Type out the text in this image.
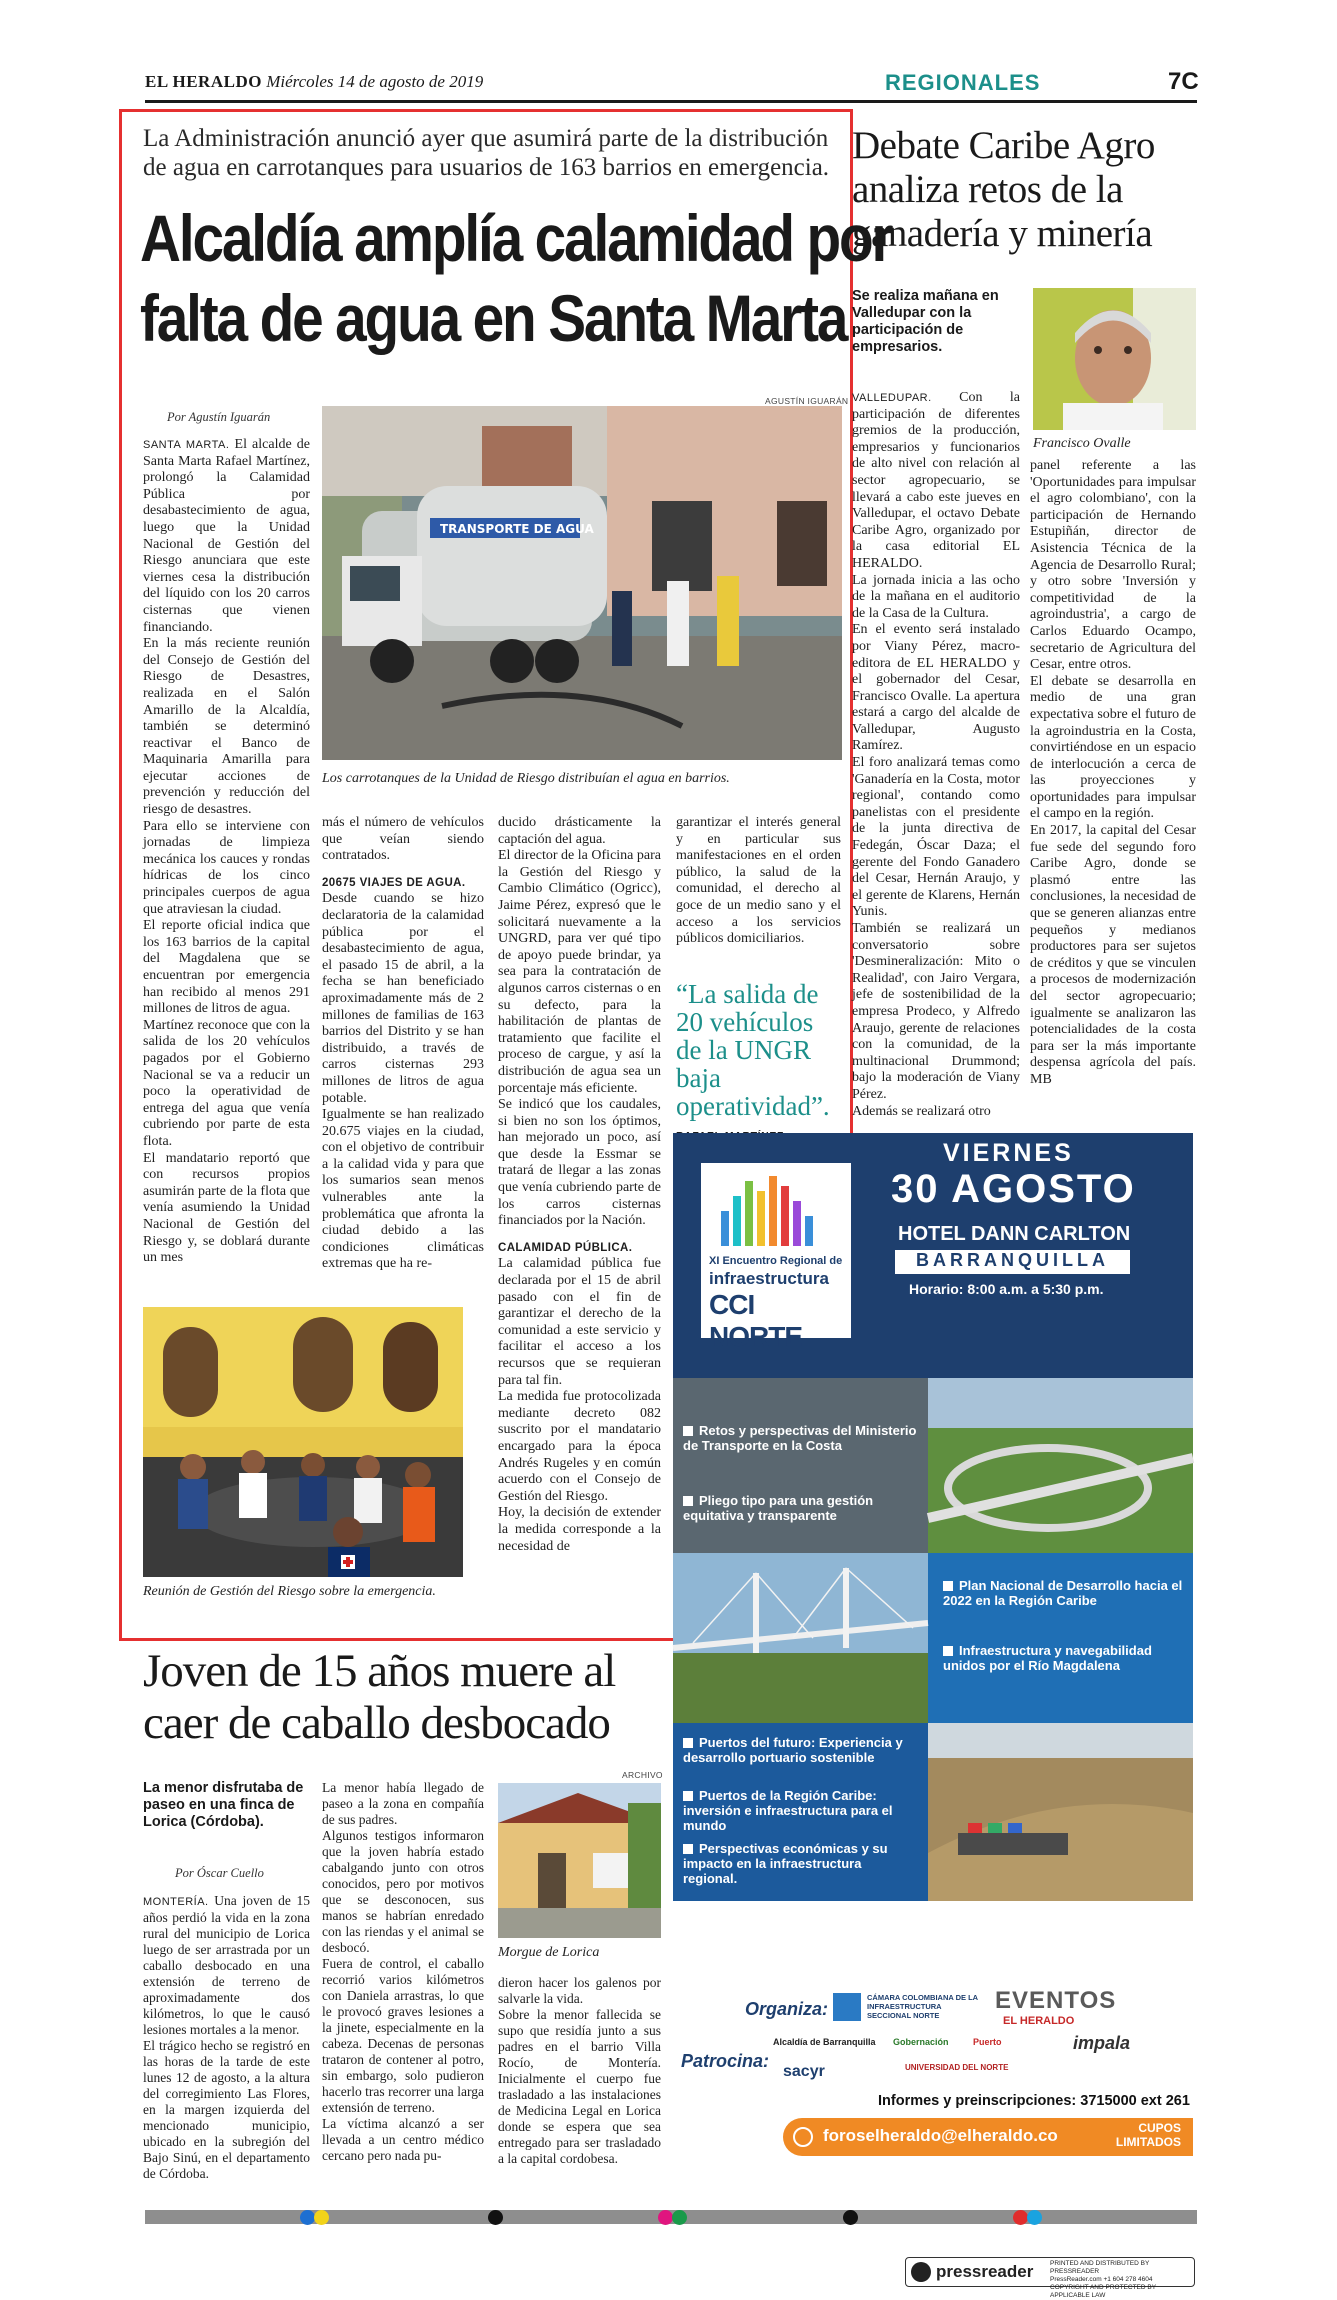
EL HERALDO Miércoles 14 de agosto de 2019	REGIONALES	7C
La Administración anunció ayer que asumirá parte de la distribución de agua en carrotanques para usuarios de 163 barrios en emergencia.
Alcaldía amplía calamidad por
falta de agua en Santa Marta
Por Agustín Iguarán
AGUSTÍN IGUARÁN
TRANSPORTE DE AGUA
Los carrotanques de la Unidad de Riesgo distribuían el agua en barrios.

SANTA MARTA. El alcalde de Santa Marta Rafael Martínez, prolongó la Calamidad Pública por desabastecimiento de agua, luego que la Unidad Nacional de Gestión del Riesgo anunciara que este viernes cesa la distribución del líquido con los 20 carros cisternas que vienen financiando.

En la más reciente reunión del Consejo de Gestión del Riesgo de Desastres, realizada en el Salón Amarillo de la Alcaldía, también se determinó reactivar el Banco de Maquinaria Amarilla para ejecutar acciones de prevención y reducción del riesgo de desastres.

Para ello se interviene con jornadas de limpieza mecánica los cauces y rondas hídricas de los cinco principales cuerpos de agua que atraviesan la ciudad.

El reporte oficial indica que los 163 barrios de la capital del Magdalena que se encuentran por emergencia han recibido al menos 291 millones de litros de agua.

Martínez reconoce que con la salida de los 20 vehículos pagados por el Gobierno Nacional se va a reducir un poco la operatividad de entrega del agua que venía cubriendo por parte de esta flota.

El mandatario reportó que con recursos propios asumirán parte de la flota que venía asumiendo la Unidad Nacional de Gestión del Riesgo y, se doblará durante un mes

más el número de vehículos que veían siendo contratados.

20675 VIAJES DE AGUA.

Desde cuando se hizo declaratoria de la calamidad pública por el desabastecimiento de agua, el pasado 15 de abril, a la fecha se han beneficiado aproximadamente más de 2 millones de familias de 163 barrios del Distrito y se han distribuido, a través de carros cisternas 293 millones de litros de agua potable.

Igualmente se han realizado 20.675 viajes en la ciudad, con el objetivo de contribuir a la calidad vida y para que los sumarios sean menos vulnerables ante la problemática que afronta la ciudad debido a las condiciones climáticas extremas que ha re-

ducido drásticamente la captación del agua.

El director de la Oficina para la Gestión del Riesgo y Cambio Climático (Ogricc), Jaime Pérez, expresó que le solicitará nuevamente a la UNGRD, para ver qué tipo de apoyo puede brindar, ya sea para la contratación de algunos carros cisternas o en su defecto, para la habilitación de plantas de tratamiento que facilite el proceso de cargue, y así la distribución de agua sea un porcentaje más eficiente.

Se indicó que los caudales, si bien no son los óptimos, han mejorado un poco, así que desde la Essmar se tratará de llegar a las zonas que venía cubriendo parte de los carros cisternas financiados por la Nación.

CALAMIDAD PÚBLICA.

La calamidad pública fue declarada por el 15 de abril pasado con el fin de garantizar el derecho de la comunidad a este servicio y facilitar el acceso a los recursos que se requieran para tal fin.

La medida fue protocolizada mediante decreto 082 suscrito por el mandatario encargado para la época Andrés Rugeles y en común acuerdo con el Consejo de Gestión del Riesgo.

Hoy, la decisión de extender la medida corresponde a la necesidad de

garantizar el interés general y en particular sus manifestaciones en el orden público, la salud de la comunidad, el derecho al goce de un medio sano y el acceso a los servicios públicos domiciliarios.

“La salida de 20 vehículos de la UNGR baja operatividad”.
Reunión de Gestión del Riesgo sobre la emergencia.
Debate Caribe Agro analiza retos de la ganadería y minería
Se realiza mañana en Valledupar con la participación de empresarios.
Francisco Ovalle

VALLEDUPAR. Con la participación de diferentes gremios de la producción, empresarios y funcionarios de alto nivel con relación al sector agropecuario, se llevará a cabo este jueves en Valledupar, el octavo Debate Caribe Agro, organizado por la casa editorial EL HERALDO.

La jornada inicia a las ocho de la mañana en el auditorio de la Casa de la Cultura.

En el evento será instalado por Viany Pérez, macro-editora de EL HERALDO y el gobernador del Cesar, Francisco Ovalle. La apertura estará a cargo del alcalde de Valledupar, Augusto Ramírez.

El foro analizará temas como 'Ganadería en la Costa, motor regional', contando como panelistas con el presidente de la junta directiva de Fedegán, Óscar Daza; el gerente del Fondo Ganadero del Cesar, Hernán Araujo, y el gerente de Klarens, Hernán Yunis.

También se realizará un conversatorio sobre 'Desmineralización: Mito o Realidad', con Jairo Vergara, jefe de sostenibilidad de la empresa Prodeco, y Alfredo Araujo, gerente de relaciones con la comunidad, de la multinacional Drummond; bajo la moderación de Viany Pérez.

Además se realizará otro

panel referente a las 'Oportunidades para impulsar el agro colombiano', con la participación de Hernando Estupiñán, director de Asistencia Técnica de la Agencia de Desarrollo Rural; y otro sobre 'Inversión y competitividad de la agroindustria', a cargo de Carlos Eduardo Ocampo, secretario de Agricultura del Cesar, entre otros.

El debate se desarrolla en medio de una gran expectativa sobre el futuro de la agroindustria en la Costa, convirtiéndose en un espacio de interlocución a cerca de las proyecciones y oportunidades para impulsar el campo en la región.

En 2017, la capital del Cesar fue sede del segundo foro Caribe Agro, donde se plasmó entre las conclusiones, la necesidad de que se generen alianzas entre pequeños y medianos productores para ser sujetos de créditos y que se vinculen a procesos de modernización del sector agropecuario; igualmente se analizaron las potencialidades de la costa para ser la más importante despensa agrícola del país. MB

Joven de 15 años muere al caer de caballo desbocado
La menor disfrutaba de paseo en una finca de Lorica (Córdoba).
Por Óscar Cuello
ARCHIVO

MONTERÍA. Una joven de 15 años perdió la vida en la zona rural del municipio de Lorica luego de ser arrastrada por un caballo desbocado en una extensión de terreno de aproximadamente dos kilómetros, lo que le causó lesiones mortales a la menor.

El trágico hecho se registró en las horas de la tarde de este lunes 12 de agosto, a la altura del corregimiento Las Flores, en la margen izquierda del mencionado municipio, ubicado en la subregión del Bajo Sinú, en el departamento de Córdoba.

La menor había llegado de paseo a la zona en compañía de sus padres.

Algunos testigos informaron que la joven habría estado cabalgando junto con otros conocidos, pero por motivos que se desconocen, sus manos se habrían enredado con las riendas y el animal se desbocó.

Fuera de control, el caballo recorrió varios kilómetros con Daniela arrastras, lo que le provocó graves lesiones a la jinete, especialmente en la cabeza. Decenas de personas trataron de contener al potro, sin embargo, solo pudieron hacerlo tras recorrer una larga extensión de terreno.

La víctima alcanzó a ser llevada a un centro médico cercano pero nada pu-

Morgue de Lorica

dieron hacer los galenos por salvarle la vida.

Sobre la menor fallecida se supo que residía junto a sus padres en el barrio Villa Rocío, de Montería. Inicialmente el cuerpo fue trasladado a las instalaciones de Medicina Legal en Lorica donde se espera que sea entregado para ser trasladado a la capital cordobesa.

XI Encuentro Regional de
infraestructura
CCI NORTE
VIERNES
30 AGOSTO
HOTEL DANN CARLTON
BARRANQUILLA
Horario: 8:00 a.m. a 5:30 p.m.
Retos y perspectivas del Ministerio de Transporte en la Costa
Pliego tipo para una gestión equitativa y transparente
Plan Nacional de Desarrollo hacia el 2022 en la Región Caribe
Infraestructura y navegabilidad unidos por el Río Magdalena
Puertos del futuro: Experiencia y desarrollo portuario sostenible
Puertos de la Región Caribe: inversión e infraestructura para el mundo
Perspectivas económicas y su impacto en la infraestructura regional.
Organiza:
CÁMARA COLOMBIANA DE LA INFRAESTRUCTURA SECCIONAL NORTE
EVENTOS
EL HERALDO
Patrocina:
Alcaldía de Barranquilla Gobernación	Puerto	impala
sacyr	UNIVERSIDAD DEL NORTE
Informes y preinscripciones: 3715000 ext 261
foroselheraldo@elheraldo.co	CUPOS LIMITADOS
pressreader	PRINTED AND DISTRIBUTED BY PRESSREADER
PressReader.com +1 604 278 4604
COPYRIGHT AND PROTECTED BY APPLICABLE LAW
